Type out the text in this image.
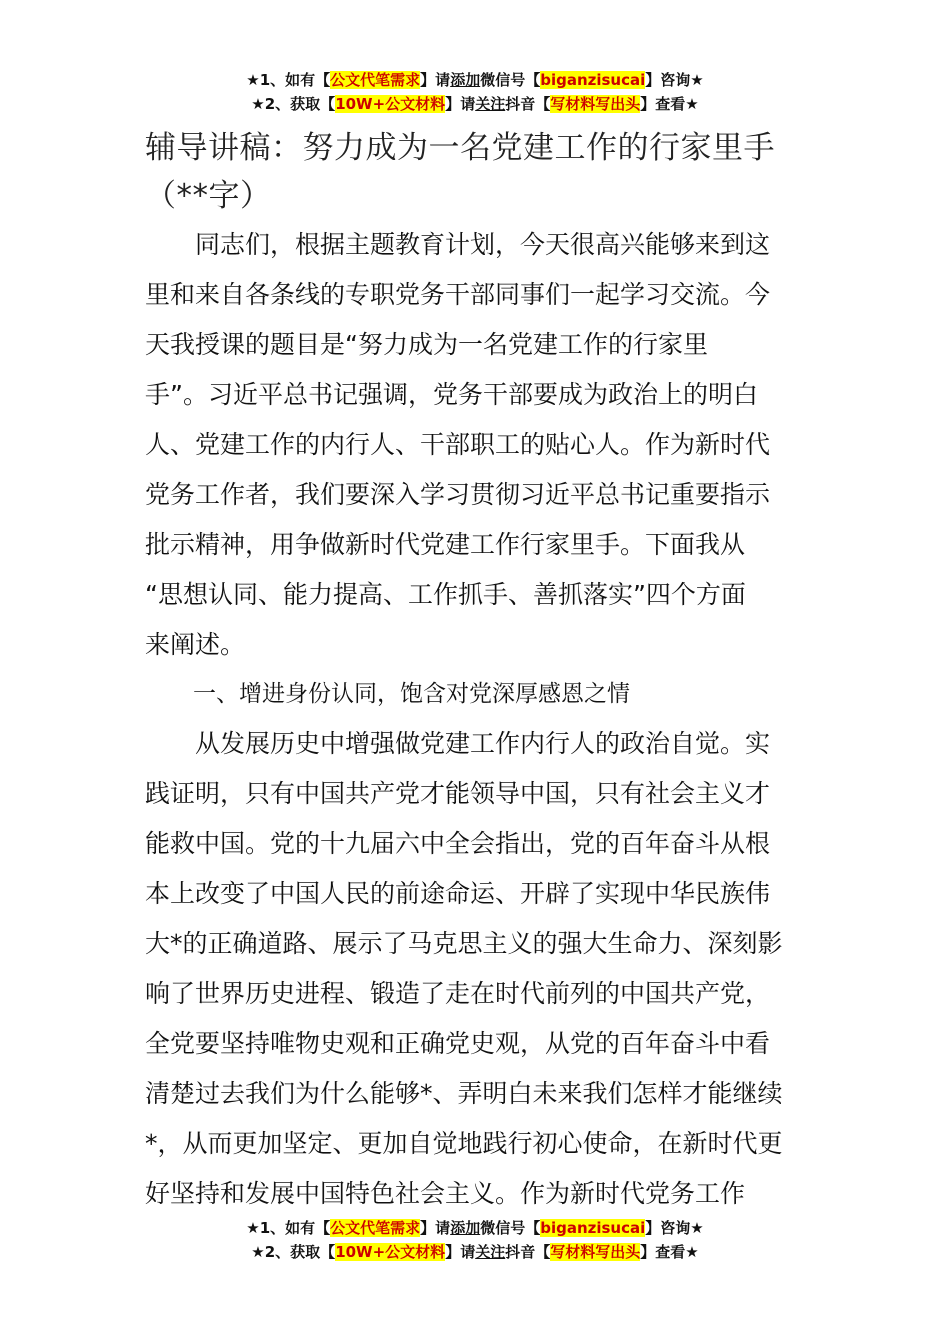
★1、如有【公文代笔需求】请添加微信号【biganzisucai】咨询★
★2、获取【10W+公文材料】请关注抖音【写材料写出头】查看★
辅导讲稿：努力成为一名党建工作的行家里手
（**字）
　　同志们，根据主题教育计划，今天很高兴能够来到这
里和来自各条线的专职党务干部同事们一起学习交流。今
天我授课的题目是“努力成为一名党建工作的行家里
手”。习近平总书记强调，党务干部要成为政治上的明白
人、党建工作的内行人、干部职工的贴心人。作为新时代
党务工作者，我们要深入学习贯彻习近平总书记重要指示
批示精神，用争做新时代党建工作行家里手。下面我从
“思想认同、能力提高、工作抓手、善抓落实”四个方面
来阐述。
一、增进身份认同，饱含对党深厚感恩之情
　　从发展历史中增强做党建工作内行人的政治自觉。实
践证明，只有中国共产党才能领导中国，只有社会主义才
能救中国。党的十九届六中全会指出，党的百年奋斗从根
本上改变了中国人民的前途命运、开辟了实现中华民族伟
大*的正确道路、展示了马克思主义的强大生命力、深刻影
响了世界历史进程、锻造了走在时代前列的中国共产党，
全党要坚持唯物史观和正确党史观，从党的百年奋斗中看
清楚过去我们为什么能够*、弄明白未来我们怎样才能继续
*，从而更加坚定、更加自觉地践行初心使命，在新时代更
好坚持和发展中国特色社会主义。作为新时代党务工作
★1、如有【公文代笔需求】请添加微信号【biganzisucai】咨询★
★2、获取【10W+公文材料】请关注抖音【写材料写出头】查看★
